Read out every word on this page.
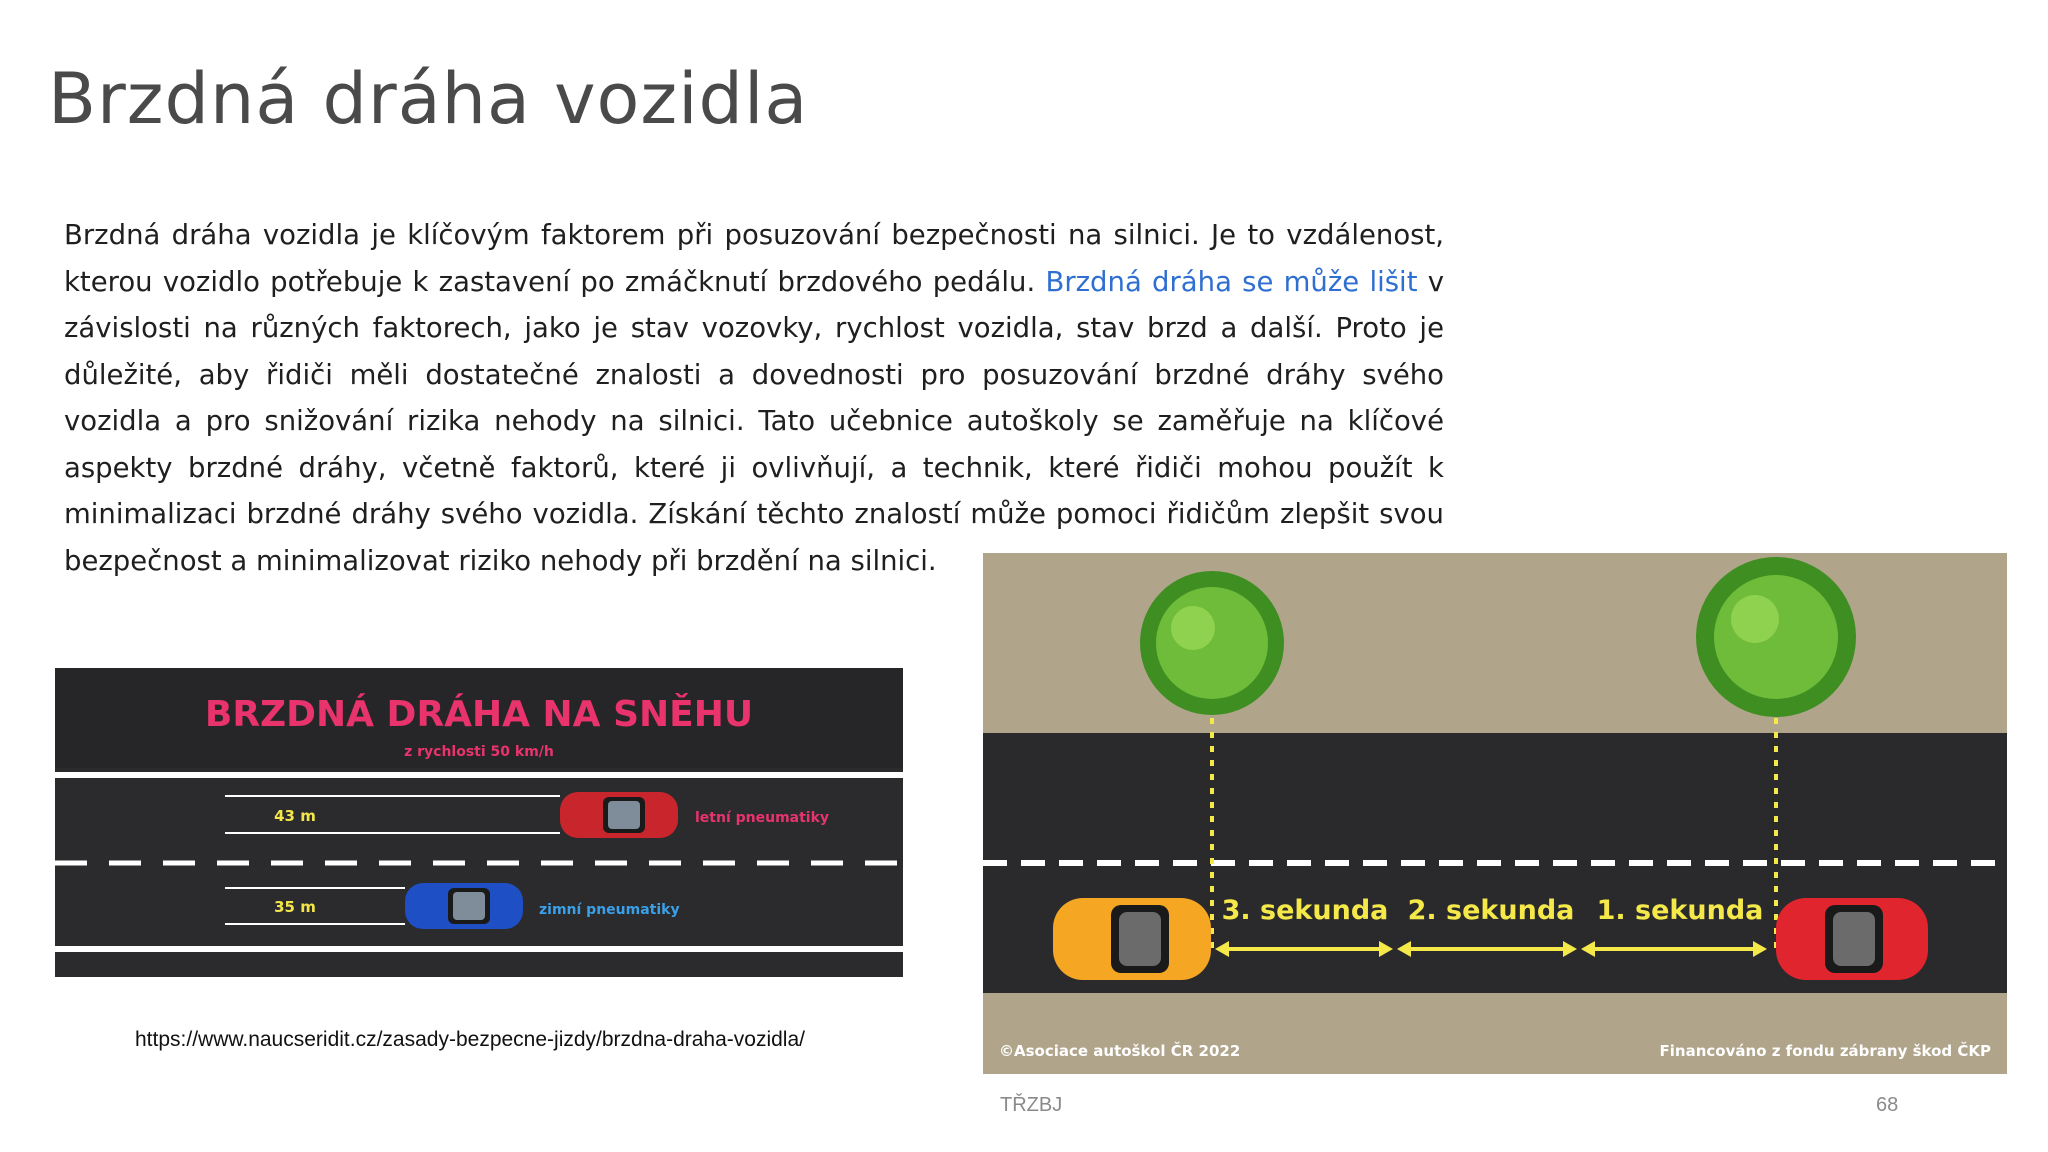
Brzdná dráha vozidla

Brzdná dráha vozidla je klíčovým faktorem při posuzování bezpečnosti na silnici. Je to vzdálenost, kterou vozidlo potřebuje k zastavení po zmáčknutí brzdového pedálu. Brzdná dráha se může lišit v závislosti na různých faktorech, jako je stav vozovky, rychlost vozidla, stav brzd a další. Proto je důležité, aby řidiči měli dostatečné znalosti a dovednosti pro posuzování brzdné dráhy svého vozidla a pro snižování rizika nehody na silnici. Tato učebnice autoškoly se zaměřuje na klíčové aspekty brzdné dráhy, včetně faktorů, které ji ovlivňují, a technik, které řidiči mohou použít k minimalizaci brzdné dráhy svého vozidla. Získání těchto znalostí může pomoci řidičům zlepšit svou bezpečnost a minimalizovat riziko nehody při brzdění na silnici.

BRZDNÁ DRÁHA NA SNĚHU
z rychlosti 50 km/h
43 m	letní pneumatiky
35 m	zimní pneumatiky
https://www.naucseridit.cz/zasady-bezpecne-jizdy/brzdna-draha-vozidla/
3. sekunda 2. sekunda 1. sekunda
©Asociace autoškol ČR 2022	Financováno z fondu zábrany škod ČKP
TŘZBJ	68
